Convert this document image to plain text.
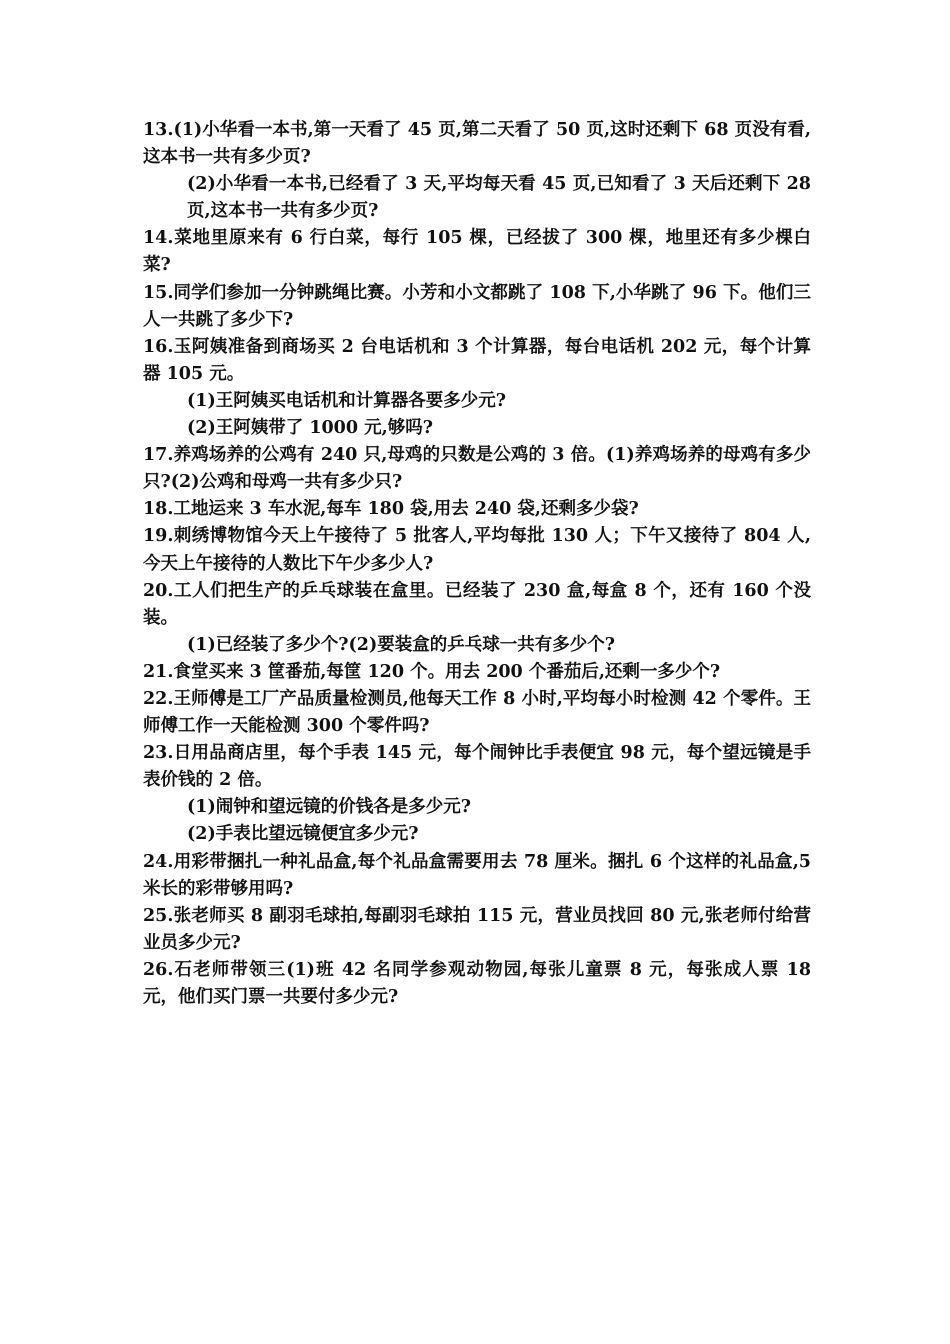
13.(1)小华看一本书,第一天看了 45 页,第二天看了 50 页,这时还剩下 68 页没有看,这本书一共有多少页?

(2)小华看一本书,已经看了 3 天,平均每天看 45 页,已知看了 3 天后还剩下 28 页,这本书一共有多少页?

14.菜地里原来有 6 行白菜，每行 105 棵，已经拔了 300 棵，地里还有多少棵白菜?

15.同学们参加一分钟跳绳比赛。小芳和小文都跳了 108 下,小华跳了 96 下。他们三人一共跳了多少下?

16.玉阿姨准备到商场买 2 台电话机和 3 个计算器，每台电话机 202 元，每个计算器 105 元。

(1)王阿姨买电话机和计算器各要多少元?

(2)王阿姨带了 1000 元,够吗?

17.养鸡场养的公鸡有 240 只,母鸡的只数是公鸡的 3 倍。(1)养鸡场养的母鸡有多少只?(2)公鸡和母鸡一共有多少只?

18.工地运来 3 车水泥,每车 180 袋,用去 240 袋,还剩多少袋?

19.刺绣博物馆今天上午接待了 5 批客人,平均每批 130 人；下午又接待了 804 人,今天上午接待的人数比下午少多少人?

20.工人们把生产的乒乓球装在盒里。已经装了 230 盒,每盒 8 个，还有 160 个没装。

(1)已经装了多少个?(2)要装盒的乒乓球一共有多少个?

21.食堂买来 3 筐番茄,每筐 120 个。用去 200 个番茄后,还剩一多少个?

22.王师傅是工厂产品质量检测员,他每天工作 8 小时,平均每小时检测 42 个零件。王师傅工作一天能检测 300 个零件吗?

23.日用品商店里，每个手表 145 元，每个闹钟比手表便宜 98 元，每个望远镜是手表价钱的 2 倍。

(1)闹钟和望远镜的价钱各是多少元?

(2)手表比望远镜便宜多少元?

24.用彩带捆扎一种礼品盒,每个礼品盒需要用去 78 厘米。捆扎 6 个这样的礼品盒,5 米长的彩带够用吗?

25.张老师买 8 副羽毛球拍,每副羽毛球拍 115 元，营业员找回 80 元,张老师付给营业员多少元?

26.石老师带领三(1)班 42 名同学参观动物园,每张儿童票 8 元，每张成人票 18 元，他们买门票一共要付多少元?
